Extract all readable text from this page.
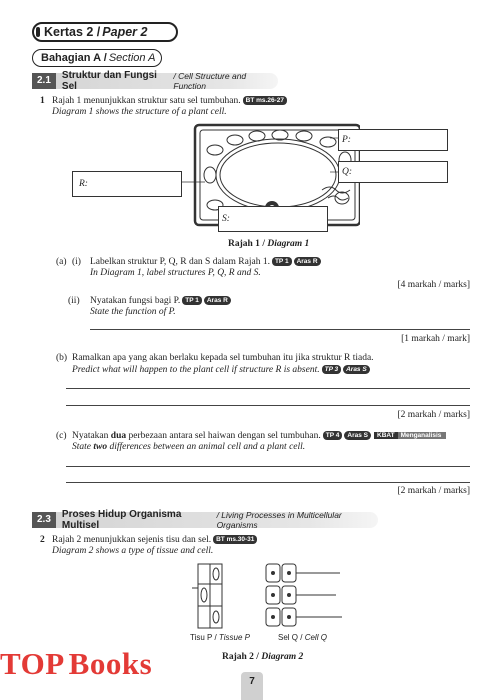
Kertas 2 / Paper 2
Bahagian A / Section A
2.1	Struktur dan Fungsi Sel
/ Cell Structure and Function
1 Rajah 1 menunjukkan struktur satu sel tumbuhan. BT ms.26-27
Diagram 1 shows the structure of a plant cell.
P:
Q:
R:
S:
Rajah 1 / Diagram 1
(a) (i) Labelkan struktur P, Q, R dan S dalam Rajah 1. TP 1 Aras R
In Diagram 1, label structures P, Q, R and S.
[4 markah / marks]
(ii) Nyatakan fungsi bagi P. TP 1 Aras R
State the function of P.
[1 markah / mark]
(b) Ramalkan apa yang akan berlaku kepada sel tumbuhan itu jika struktur R tiada.
Predict what will happen to the plant cell if structure R is absent. TP 3 Aras S
[2 markah / marks]
(c) Nyatakan dua perbezaan antara sel haiwan dengan sel tumbuhan. TP 4 Aras S KBAT Menganalisis
State two differences between an animal cell and a plant cell.
[2 markah / marks]
2.3	Proses Hidup Organisma Multisel
/ Living Processes in Multicellular Organisms
2 Rajah 2 menunjukkan sejenis tisu dan sel. BT ms.30-31
Diagram 2 shows a type of tissue and cell.
Tisu P / Tissue P	Sel Q / Cell Q
Rajah 2 / Diagram 2
TOP Books
7
